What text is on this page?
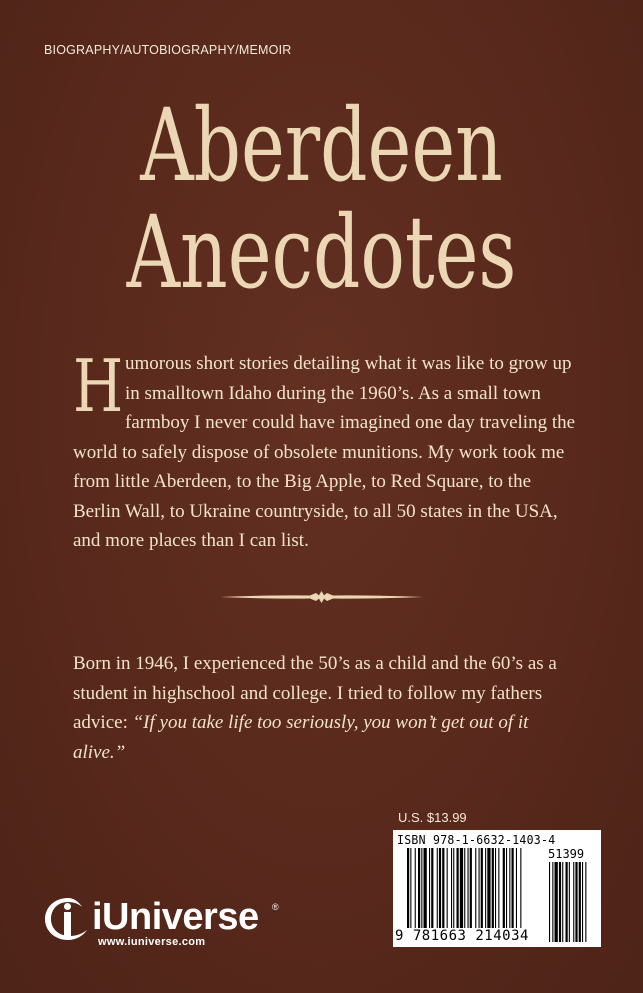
BIOGRAPHY/AUTOBIOGRAPHY/MEMOIR
Aberdeen
Anecdotes
Humorous short stories detailing what it was like to grow up in smalltown Idaho during the 1960’s. As a small town farmboy I never could have imagined one day traveling the world to safely dispose of obsolete munitions. My work took me from little Aberdeen, to the Big Apple, to Red Square, to the Berlin Wall, to Ukraine countryside, to all 50 states in the USA, and more places than I can list.
Born in 1946, I experienced the 50’s as a child and the 60’s as a student in highschool and college. I tried to follow my fathers advice: “If you take life too seriously, you won’t get out of it alive.”
U.S. $13.99
ISBN 978-1-6632-1403-4
51399
9 781663 214034
iUniverse ®
www.iuniverse.com
